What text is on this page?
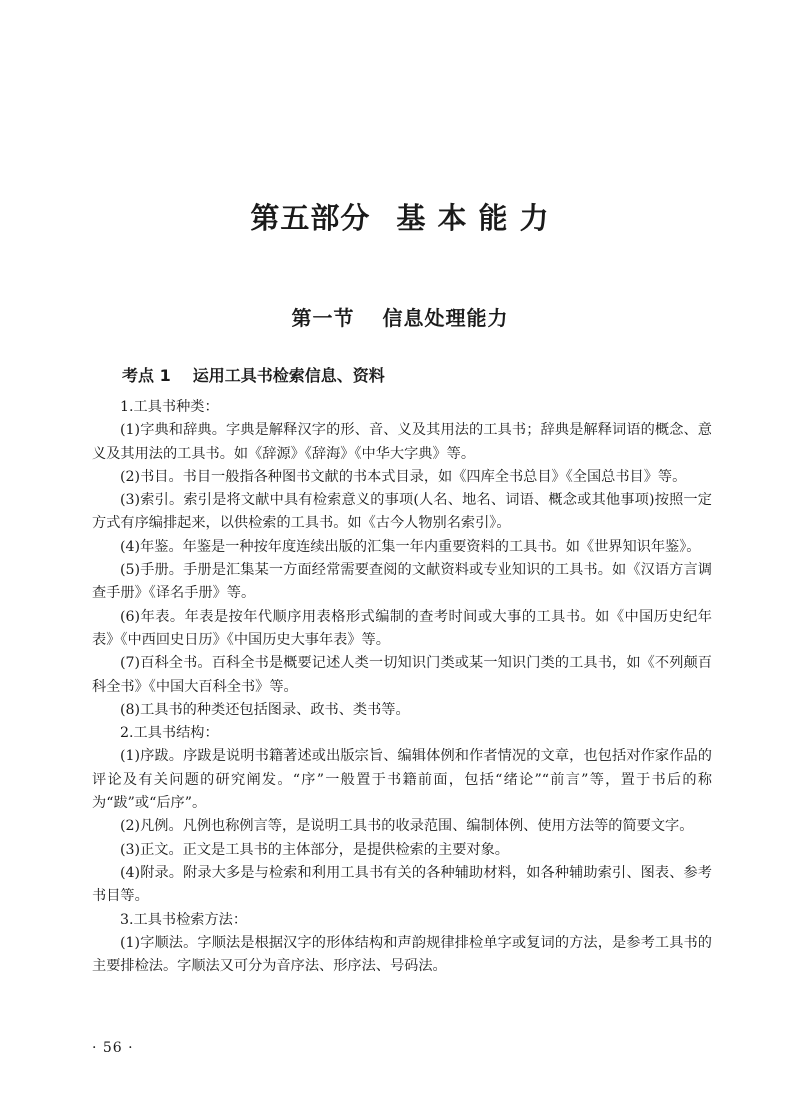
第五部分 基 本 能 力
第一节 信息处理能力
考点 1 运用工具书检索信息、资料

1.工具书种类：

(1)字典和辞典。字典是解释汉字的形、音、义及其用法的工具书；辞典是解释词语的概念、意义及其用法的工具书。如《辞源》《辞海》《中华大字典》等。

(2)书目。书目一般指各种图书文献的书本式目录，如《四库全书总目》《全国总书目》等。

(3)索引。索引是将文献中具有检索意义的事项(人名、地名、词语、概念或其他事项)按照一定方式有序编排起来，以供检索的工具书。如《古今人物别名索引》。

(4)年鉴。年鉴是一种按年度连续出版的汇集一年内重要资料的工具书。如《世界知识年鉴》。

(5)手册。手册是汇集某一方面经常需要查阅的文献资料或专业知识的工具书。如《汉语方言调查手册》《译名手册》等。

(6)年表。年表是按年代顺序用表格形式编制的查考时间或大事的工具书。如《中国历史纪年表》《中西回史日历》《中国历史大事年表》等。

(7)百科全书。百科全书是概要记述人类一切知识门类或某一知识门类的工具书，如《不列颠百科全书》《中国大百科全书》等。

(8)工具书的种类还包括图录、政书、类书等。

2.工具书结构：

(1)序跋。序跋是说明书籍著述或出版宗旨、编辑体例和作者情况的文章，也包括对作家作品的评论及有关问题的研究阐发。“序”一般置于书籍前面，包括“绪论”“前言”等，置于书后的称为“跋”或“后序”。

(2)凡例。凡例也称例言等，是说明工具书的收录范围、编制体例、使用方法等的简要文字。

(3)正文。正文是工具书的主体部分，是提供检索的主要对象。

(4)附录。附录大多是与检索和利用工具书有关的各种辅助材料，如各种辅助索引、图表、参考书目等。

3.工具书检索方法：

(1)字顺法。字顺法是根据汉字的形体结构和声韵规律排检单字或复词的方法，是参考工具书的主要排检法。字顺法又可分为音序法、形序法、号码法。

· 56 ·
